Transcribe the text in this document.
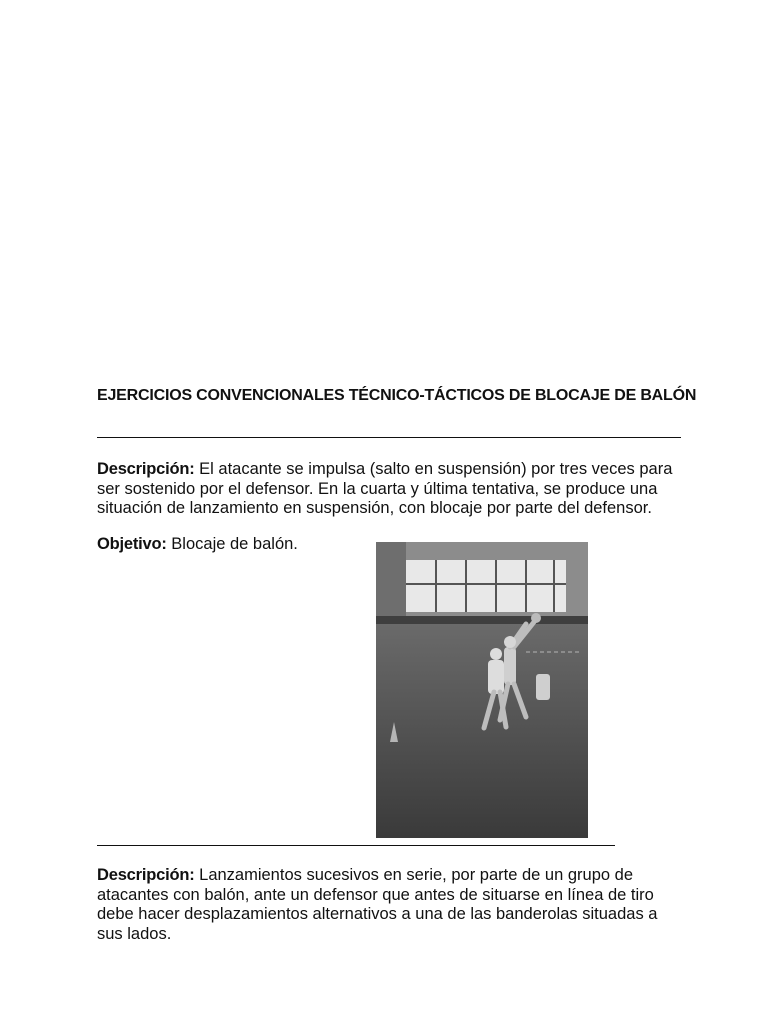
EJERCICIOS CONVENCIONALES TÉCNICO-TÁCTICOS DE BLOCAJE DE BALÓN
Descripción: El atacante se impulsa (salto en suspensión) por tres veces para ser sostenido por el defensor. En la cuarta y última tentativa, se produce una situación de lanzamiento en suspensión, con blocaje por parte del defensor.
Objetivo: Blocaje de balón.
Descripción: Lanzamientos sucesivos en serie, por parte de un grupo de atacantes con balón, ante un defensor que antes de situarse en línea de tiro debe hacer desplazamientos alternativos a una de las banderolas situadas a sus lados.
